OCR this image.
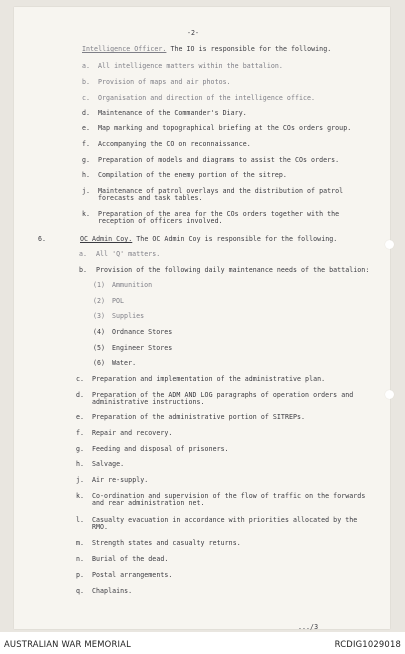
-2-
Intelligence Officer. The IO is responsible for the following.
6.	OC Admin Coy. The OC Admin Coy is responsible for the following.
a. All 'Q' matters.
b. Provision of the following daily maintenance needs of the battalion:
.../3
a. All intelligence matters within the battalion.
b. Provision of maps and air photos.
c. Organisation and direction of the intelligence office.
d. Maintenance of the Commander's Diary.
e. Map marking and topographical briefing at the COs orders group.
f. Accompanying the CO on reconnaissance.
g. Preparation of models and diagrams to assist the COs orders.
h. Compilation of the enemy portion of the sitrep.
j. Maintenance of patrol overlays and the distribution of patrol
forecasts and task tables.
k. Preparation of the area for the COs orders together with the
reception of officers involved.
(1) Ammunition
(2) POL
(3) Supplies
(4) Ordnance Stores
(5) Engineer Stores
(6) Water.
c. Preparation and implementation of the administrative plan.
d. Preparation of the ADM AND LOG paragraphs of operation orders and
administrative instructions.
e. Preparation of the administrative portion of SITREPs.
f. Repair and recovery.
g. Feeding and disposal of prisoners.
h. Salvage.
j. Air re-supply.
k. Co-ordination and supervision of the flow of traffic on the forwards
and rear administration net.
l. Casualty evacuation in accordance with priorities allocated by the
RMO.
m. Strength states and casualty returns.
n. Burial of the dead.
p. Postal arrangements.
q. Chaplains.
AUSTRALIAN WAR MEMORIAL	RCDIG1029018
